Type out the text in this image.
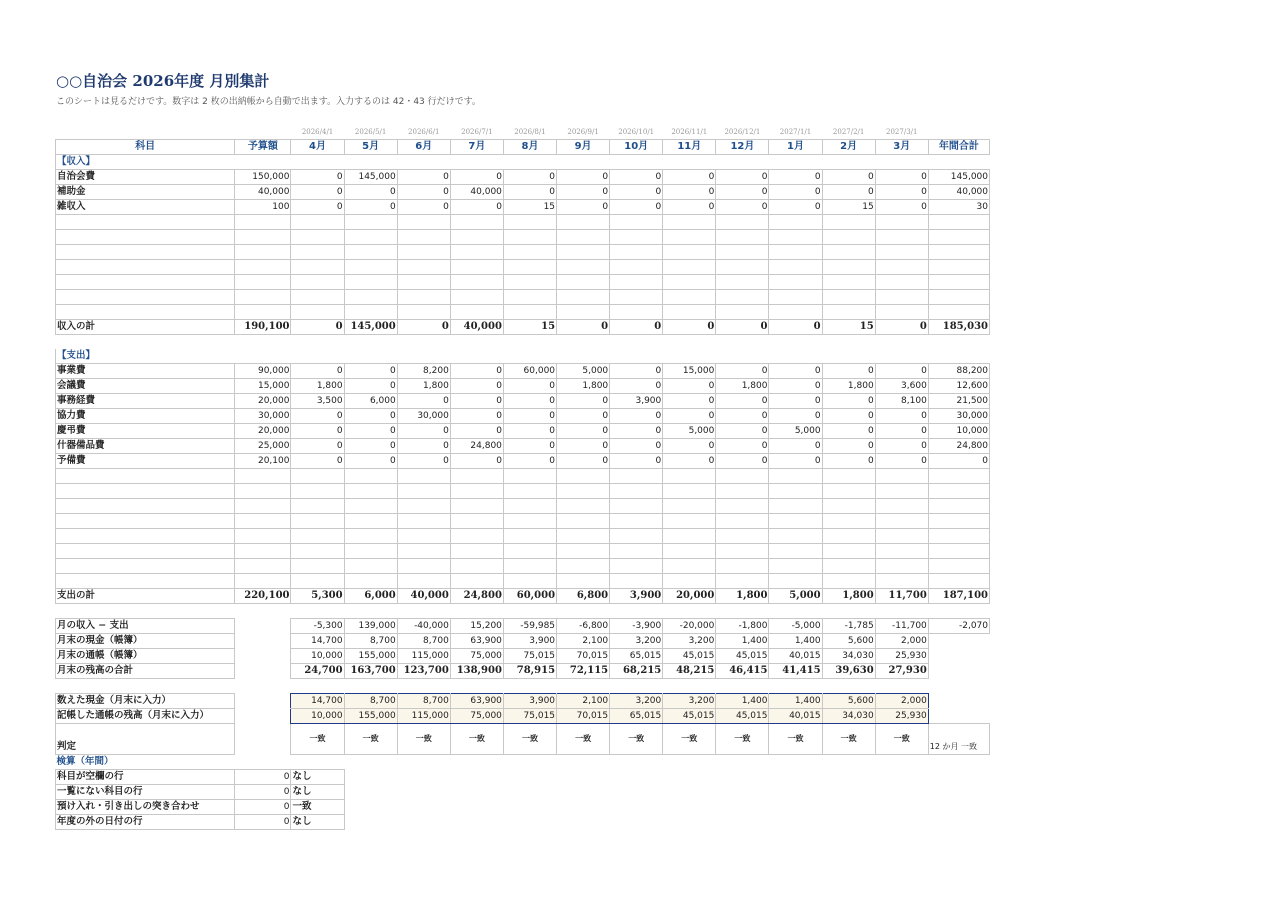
○○自治会 2026年度 月別集計
このシートは見るだけです。数字は 2 枚の出納帳から自動で出ます。入力するのは 42・43 行だけです。
		2026/4/1	2026/5/1	2026/6/1	2026/7/1	2026/8/1	2026/9/1	2026/10/1	2026/11/1	2026/12/1	2027/1/1	2027/2/1	2027/3/1	
科目	予算額	4月	5月	6月	7月	8月	9月	10月	11月	12月	1月	2月	3月	年間合計
【収入】														
自治会費	150,000	0	145,000	0	0	0	0	0	0	0	0	0	0	145,000
補助金	40,000	0	0	0	40,000	0	0	0	0	0	0	0	0	40,000
雑収入	100	0	0	0	0	15	0	0	0	0	0	15	0	30

収入の計	190,100	0	145,000	0	40,000	15	0	0	0	0	0	15	0	185,030

【支出】														
事業費	90,000	0	0	8,200	0	60,000	5,000	0	15,000	0	0	0	0	88,200
会議費	15,000	1,800	0	1,800	0	0	1,800	0	0	1,800	0	1,800	3,600	12,600
事務経費	20,000	3,500	6,000	0	0	0	0	3,900	0	0	0	0	8,100	21,500
協力費	30,000	0	0	30,000	0	0	0	0	0	0	0	0	0	30,000
慶弔費	20,000	0	0	0	0	0	0	0	5,000	0	5,000	0	0	10,000
什器備品費	25,000	0	0	0	24,800	0	0	0	0	0	0	0	0	24,800
予備費	20,100	0	0	0	0	0	0	0	0	0	0	0	0	0

支出の計	220,100	5,300	6,000	40,000	24,800	60,000	6,800	3,900	20,000	1,800	5,000	1,800	11,700	187,100

月の収入 − 支出		-5,300	139,000	-40,000	15,200	-59,985	-6,800	-3,900	-20,000	-1,800	-5,000	-1,785	-11,700	-2,070
月末の現金（帳簿）		14,700	8,700	8,700	63,900	3,900	2,100	3,200	3,200	1,400	1,400	5,600	2,000	
月末の通帳（帳簿）		10,000	155,000	115,000	75,000	75,015	70,015	65,015	45,015	45,015	40,015	34,030	25,930	
月末の残高の合計		24,700	163,700	123,700	138,900	78,915	72,115	68,215	48,215	46,415	41,415	39,630	27,930	

数えた現金（月末に入力）		14,700	8,700	8,700	63,900	3,900	2,100	3,200	3,200	1,400	1,400	5,600	2,000	
記帳した通帳の残高（月末に入力）		10,000	155,000	115,000	75,000	75,015	70,015	65,015	45,015	45,015	40,015	34,030	25,930	
判定		一致	一致	一致	一致	一致	一致	一致	一致	一致	一致	一致	一致	12 か月 一致
検算（年間）														
科目が空欄の行	0	なし												
一覧にない科目の行	0	なし												
預け入れ・引き出しの突き合わせ	0	一致												
年度の外の日付の行	0	なし												
